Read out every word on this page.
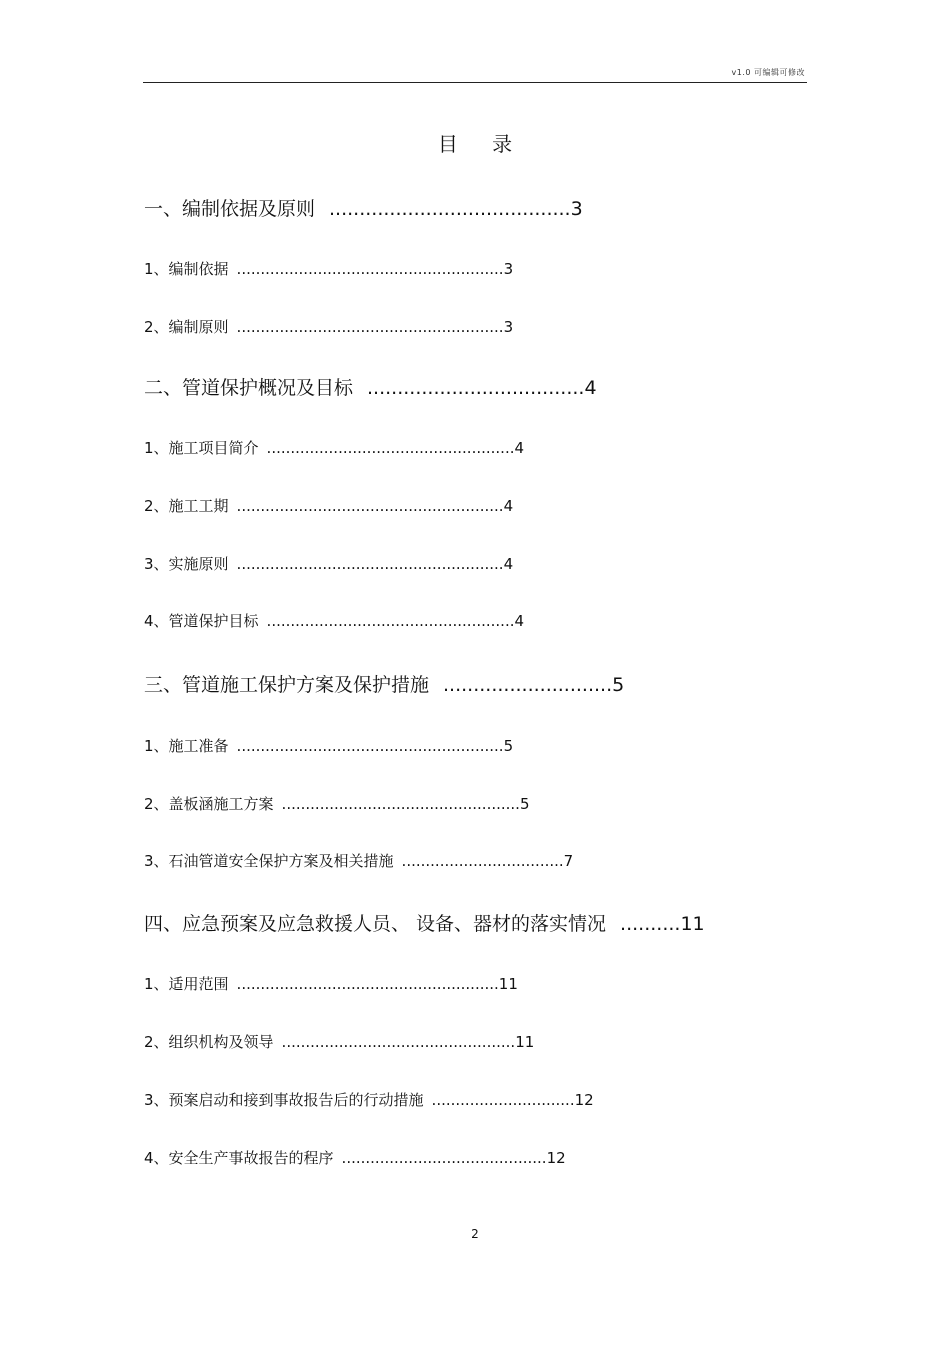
v1.0 可编辑可修改
目 录
一、编制依据及原则 ........................................3
1、编制依据 ........................................................3
2、编制原则 ........................................................3
二、管道保护概况及目标 ....................................4
1、施工项目简介 ....................................................4
2、施工工期 ........................................................4
3、实施原则 ........................................................4
4、管道保护目标 ....................................................4
三、管道施工保护方案及保护措施 ............................5
1、施工准备 ........................................................5
2、盖板涵施工方案 ..................................................5
3、石油管道安全保护方案及相关措施 ..................................7
四、应急预案及应急救援人员、 设备、器材的落实情况 ..........11
1、适用范围 .......................................................11
2、组织机构及领导 .................................................11
3、预案启动和接到事故报告后的行动措施 ..............................12
4、安全生产事故报告的程序 ...........................................12
2
